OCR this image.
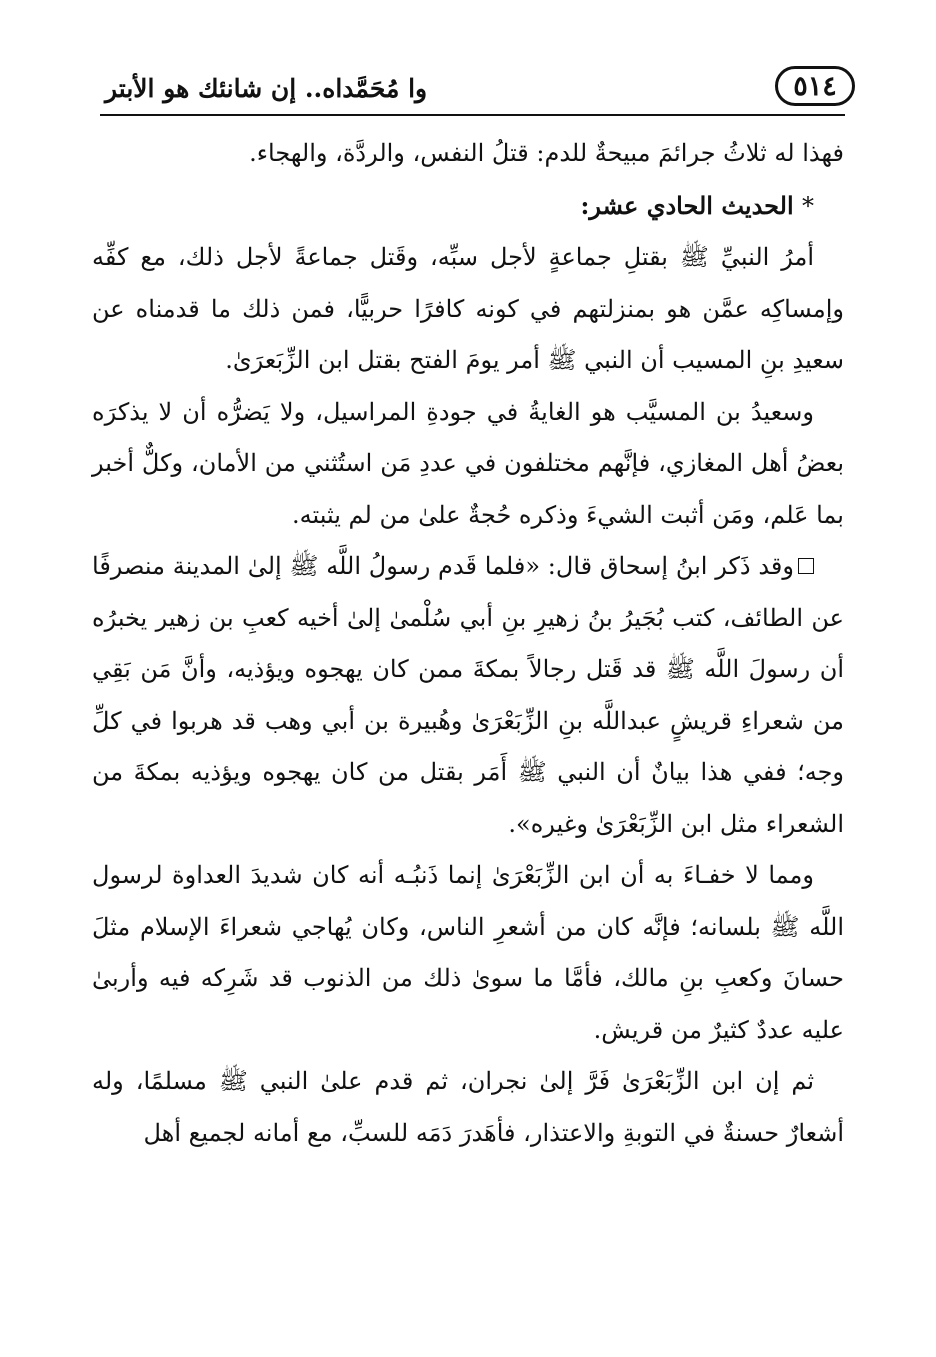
٥١٤
وا مُحَمَّداه.. إن شانئك هو الأبتر

فهذا له ثلاثُ جرائمَ مبيحةٌ للدم: قتلُ النفس، والردَّة، والهجاء.

* الحديث الحادي عشر:

أمرُ النبيِّ ﷺ بقتلِ جماعةٍ لأجل سبِّه، وقَتل جماعةً لأجل ذلك، مع كفِّه وإمساكِه عمَّن هو بمنزلتهم في كونه كافرًا حربيًّا، فمن ذلك ما قدمناه عن سعيدِ بنِ المسيب أن النبي ﷺ أمر يومَ الفتح بقتل ابن الزِّبَعرَىٰ.

وسعيدُ بن المسيَّب هو الغايةُ في جودةِ المراسيل، ولا يَضرُّه أن لا يذكرَه بعضُ أهل المغازي، فإنَّهم مختلفون في عددِ مَن استُثني من الأمان، وكلٌّ أخبر بما عَلم، ومَن أثبت الشيءَ وذكره حُجةٌ علىٰ من لم يثبته.

وقد ذَكر ابنُ إسحاق قال: «فلما قَدم رسولُ اللَّه ﷺ إلىٰ المدينة منصرفًا عن الطائف، كتب بُجَيرُ بنُ زهيرِ بنِ أبي سُلْمىٰ إلىٰ أخيه كعبِ بن زهير يخبرُه أن رسولَ اللَّه ﷺ قد قَتل رجالاً بمكةَ ممن كان يهجوه ويؤذيه، وأنَّ مَن بَقِي من شعراءِ قريشٍ عبداللَّه بنِ الزِّبَعْرَىٰ وهُبيرة بن أبي وهب قد هربوا في كلِّ وجه؛ ففي هذا بيانٌ أن النبي ﷺ أَمَر بقتل من كان يهجوه ويؤذيه بمكةَ من الشعراء مثل ابن الزِّبَعْرَىٰ وغيره».

ومما لا خفـاءَ به أن ابن الزِّبَعْرَىٰ إنما ذَنبُـه أنه كان شديدَ العداوة لرسول اللَّه ﷺ بلسانه؛ فإنَّه كان من أشعرِ الناس، وكان يُهاجي شعراءَ الإسلام مثلَ حسانَ وكعبِ بنِ مالك، فأمَّا ما سوىٰ ذلك من الذنوب قد شَرِكه فيه وأربىٰ عليه عددٌ كثيرٌ من قريش.

ثم إن ابن الزِّبَعْرَىٰ فَرَّ إلىٰ نجران، ثم قدم علىٰ النبي ﷺ مسلمًا، وله أشعارٌ حسنةٌ في التوبةِ والاعتذار، فأهَدرَ دَمَه للسبِّ، مع أمانه لجميع أهل
